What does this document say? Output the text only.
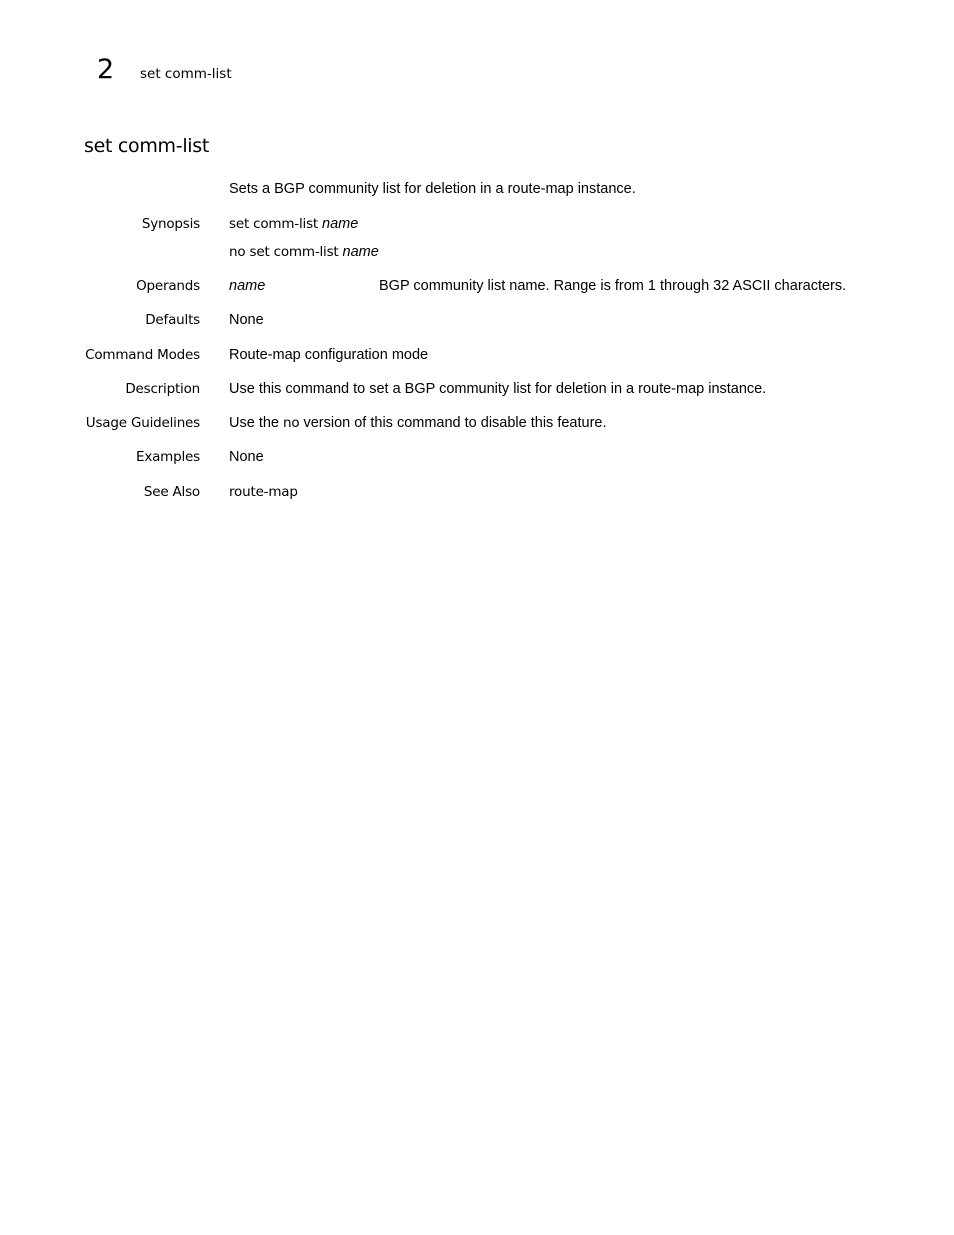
2 set comm-list
set comm-list
Sets a BGP community list for deletion in a route-map instance.
Synopsis set comm-list name
no set comm-list name
Operands name	BGP community list name. Range is from 1 through 32 ASCII characters.
Defaults None
Command Modes Route-map configuration mode
Description Use this command to set a BGP community list for deletion in a route-map instance.
Usage Guidelines Use the no version of this command to disable this feature.
Examples None
See Also route-map
